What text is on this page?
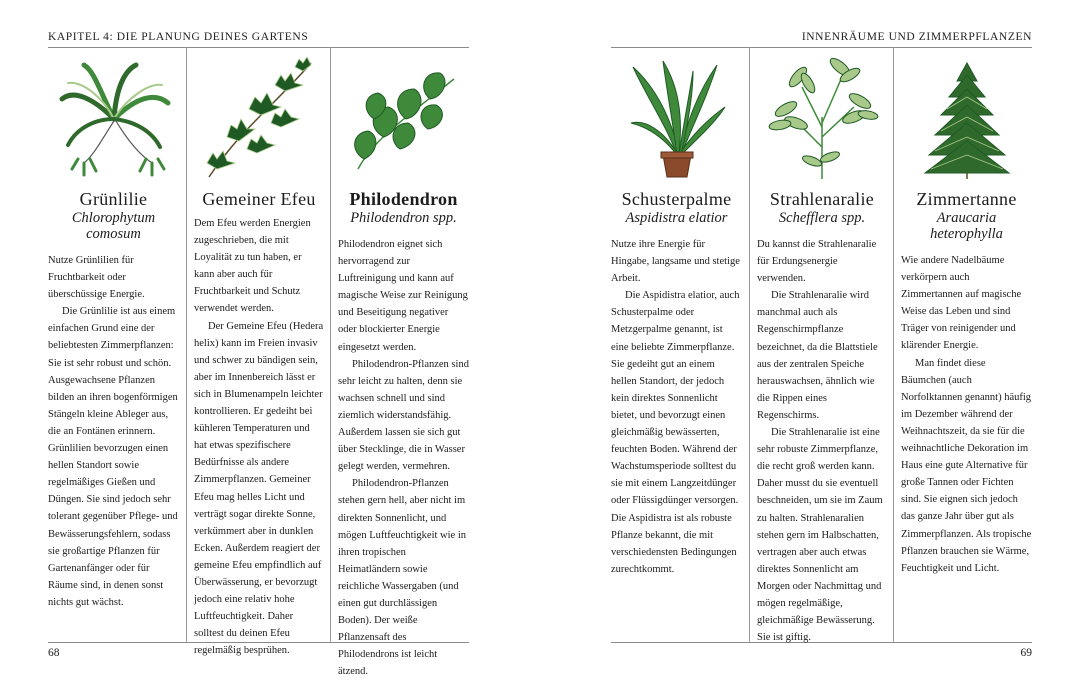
KAPITEL 4: DIE PLANUNG DEINES GARTENS	INNENRÄUME UND ZIMMERPFLANZEN
Grünlilie
Chlorophytum comosum

Nutze Grünlilien für Fruchtbarkeit oder überschüssige Energie.

Die Grünlilie ist aus einem einfachen Grund eine der beliebtesten Zimmerpflanzen: Sie ist sehr robust und schön. Ausgewachsene Pflanzen bilden an ihren bogenförmigen Stängeln kleine Ableger aus, die an Fontänen erinnern. Grünlilien bevorzugen einen hellen Standort sowie regelmäßiges Gießen und Düngen. Sie sind jedoch sehr tolerant gegenüber Pflege- und Bewässerungsfehlern, sodass sie großartige Pflanzen für Gartenanfänger oder für Räume sind, in denen sonst nichts gut wächst.

Gemeiner Efeu

Dem Efeu werden Energien zugeschrieben, die mit Loyalität zu tun haben, er kann aber auch für Fruchtbarkeit und Schutz verwendet werden.

Der Gemeine Efeu (Hedera helix) kann im Freien invasiv und schwer zu bändigen sein, aber im Innenbereich lässt er sich in Blumenampeln leichter kontrollieren. Er gedeiht bei kühleren Temperaturen und hat etwas spezifischere Bedürfnisse als andere Zimmerpflanzen. Gemeiner Efeu mag helles Licht und verträgt sogar direkte Sonne, verkümmert aber in dunklen Ecken. Außerdem reagiert der gemeine Efeu empfindlich auf Überwässerung, er bevorzugt jedoch eine relativ hohe Luftfeuchtigkeit. Daher solltest du deinen Efeu regelmäßig besprühen.

Philodendron
Philodendron spp.

Philodendron eignet sich hervorragend zur Luftreinigung und kann auf magische Weise zur Reinigung und Beseitigung negativer oder blockierter Energie eingesetzt werden.

Philodendron-Pflanzen sind sehr leicht zu halten, denn sie wachsen schnell und sind ziemlich widerstandsfähig. Außerdem lassen sie sich gut über Stecklinge, die in Wasser gelegt werden, vermehren.

Philodendron-Pflanzen stehen gern hell, aber nicht im direkten Sonnenlicht, und mögen Luftfeuchtigkeit wie in ihren tropischen Heimatländern sowie reichliche Wassergaben (und einen gut durchlässigen Boden). Der weiße Pflanzensaft des Philodendrons ist leicht ätzend.

Schusterpalme
Aspidistra elatior

Nutze ihre Energie für Hingabe, langsame und stetige Arbeit.

Die Aspidistra elatior, auch Schusterpalme oder Metzgerpalme genannt, ist eine beliebte Zimmerpflanze. Sie gedeiht gut an einem hellen Standort, der jedoch kein direktes Sonnenlicht bietet, und bevorzugt einen gleichmäßig bewässerten, feuchten Boden. Während der Wachstumsperiode solltest du sie mit einem Langzeitdünger oder Flüssigdünger versorgen. Die Aspidistra ist als robuste Pflanze bekannt, die mit verschiedensten Bedingungen zurechtkommt.

Strahlenaralie
Schefflera spp.

Du kannst die Strahlenaralie für Erdungsenergie verwenden.

Die Strahlenaralie wird manchmal auch als Regenschirmpflanze bezeichnet, da die Blattstiele aus der zentralen Speiche herauswachsen, ähnlich wie die Rippen eines Regenschirms.

Die Strahlenaralie ist eine sehr robuste Zimmerpflanze, die recht groß werden kann. Daher musst du sie eventuell beschneiden, um sie im Zaum zu halten. Strahlenaralien stehen gern im Halbschatten, vertragen aber auch etwas direktes Sonnenlicht am Morgen oder Nachmittag und mögen regelmäßige, gleichmäßige Bewässerung. Sie ist giftig.

Zimmertanne
Araucaria heterophylla

Wie andere Nadelbäume verkörpern auch Zimmertannen auf magische Weise das Leben und sind Träger von reinigender und klärender Energie.

Man findet diese Bäumchen (auch Norfolktannen genannt) häufig im Dezember während der Weihnachtszeit, da sie für die weihnachtliche Dekoration im Haus eine gute Alternative für große Tannen oder Fichten sind. Sie eignen sich jedoch das ganze Jahr über gut als Zimmerpflanzen. Als tropische Pflanzen brauchen sie Wärme, Feuchtigkeit und Licht.

68	69
